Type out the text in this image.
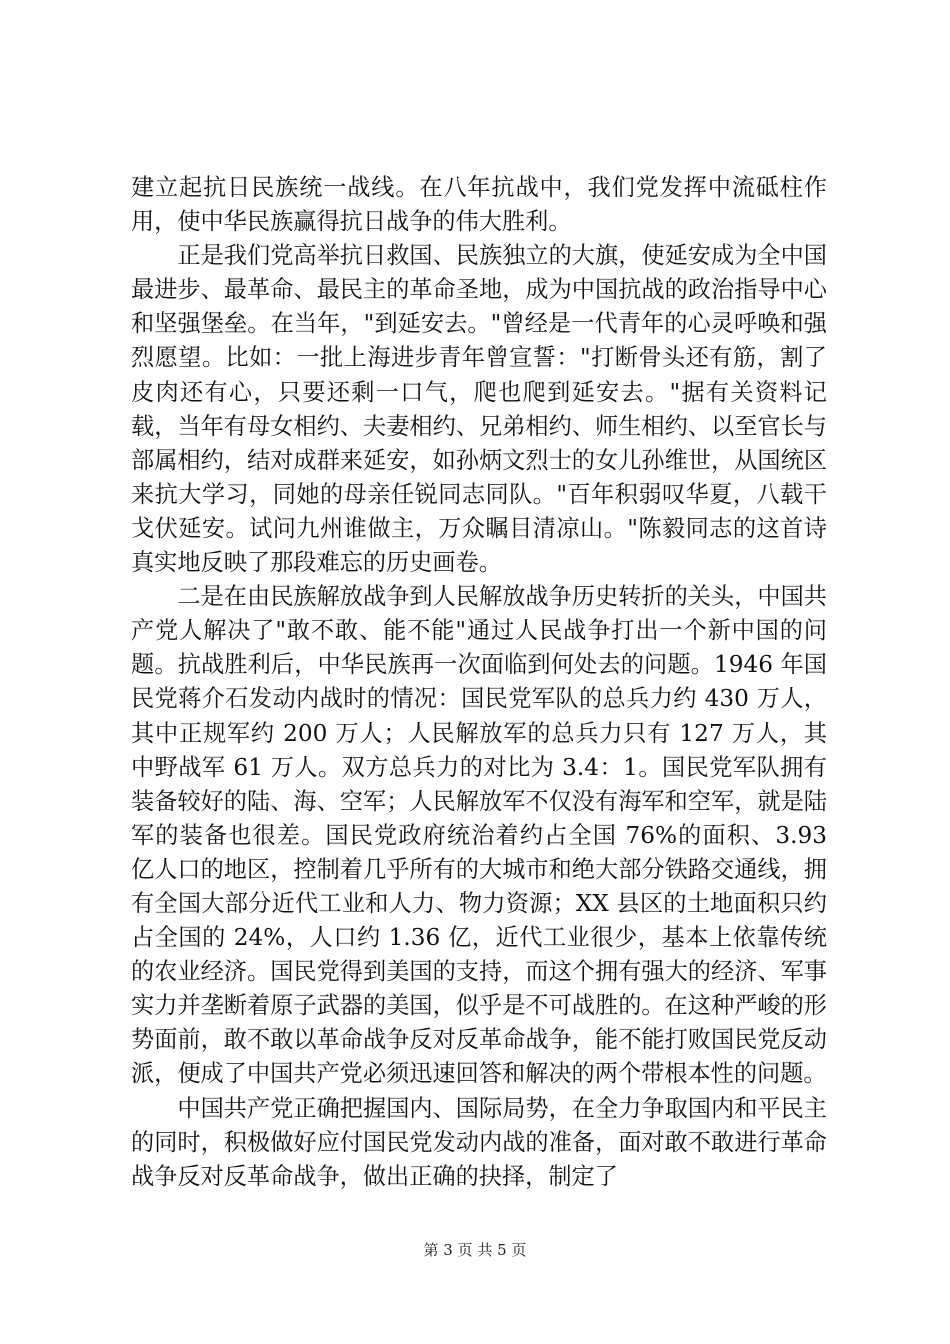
建立起抗日民族统一战线。在八年抗战中，我们党发挥中流砥柱作用，使中华民族赢得抗日战争的伟大胜利。

正是我们党高举抗日救国、民族独立的大旗，使延安成为全中国最进步、最革命、最民主的革命圣地，成为中国抗战的政治指导中心和坚强堡垒。在当年，"到延安去。"曾经是一代青年的心灵呼唤和强烈愿望。比如：一批上海进步青年曾宣誓："打断骨头还有筋，割了皮肉还有心，只要还剩一口气，爬也爬到延安去。"据有关资料记载，当年有母女相约、夫妻相约、兄弟相约、师生相约、以至官长与部属相约，结对成群来延安，如孙炳文烈士的女儿孙维世，从国统区来抗大学习，同她的母亲任锐同志同队。"百年积弱叹华夏，八载干戈伏延安。试问九州谁做主，万众瞩目清凉山。"陈毅同志的这首诗真实地反映了那段难忘的历史画卷。

二是在由民族解放战争到人民解放战争历史转折的关头，中国共产党人解决了"敢不敢、能不能"通过人民战争打出一个新中国的问题。抗战胜利后，中华民族再一次面临到何处去的问题。1946 年国民党蒋介石发动内战时的情况：国民党军队的总兵力约 430 万人，其中正规军约 200 万人；人民解放军的总兵力只有 127 万人，其中野战军 61 万人。双方总兵力的对比为 3.4：1。国民党军队拥有装备较好的陆、海、空军；人民解放军不仅没有海军和空军，就是陆军的装备也很差。国民党政府统治着约占全国 76%的面积、3.93 亿人口的地区，控制着几乎所有的大城市和绝大部分铁路交通线，拥有全国大部分近代工业和人力、物力资源；XX 县区的土地面积只约占全国的 24%，人口约 1.36 亿，近代工业很少，基本上依靠传统的农业经济。国民党得到美国的支持，而这个拥有强大的经济、军事实力并垄断着原子武器的美国，似乎是不可战胜的。在这种严峻的形势面前，敢不敢以革命战争反对反革命战争，能不能打败国民党反动派，便成了中国共产党必须迅速回答和解决的两个带根本性的问题。

中国共产党正确把握国内、国际局势，在全力争取国内和平民主的同时，积极做好应付国民党发动内战的准备，面对敢不敢进行革命战争反对反革命战争，做出正确的抉择，制定了

第 3 页 共 5 页
